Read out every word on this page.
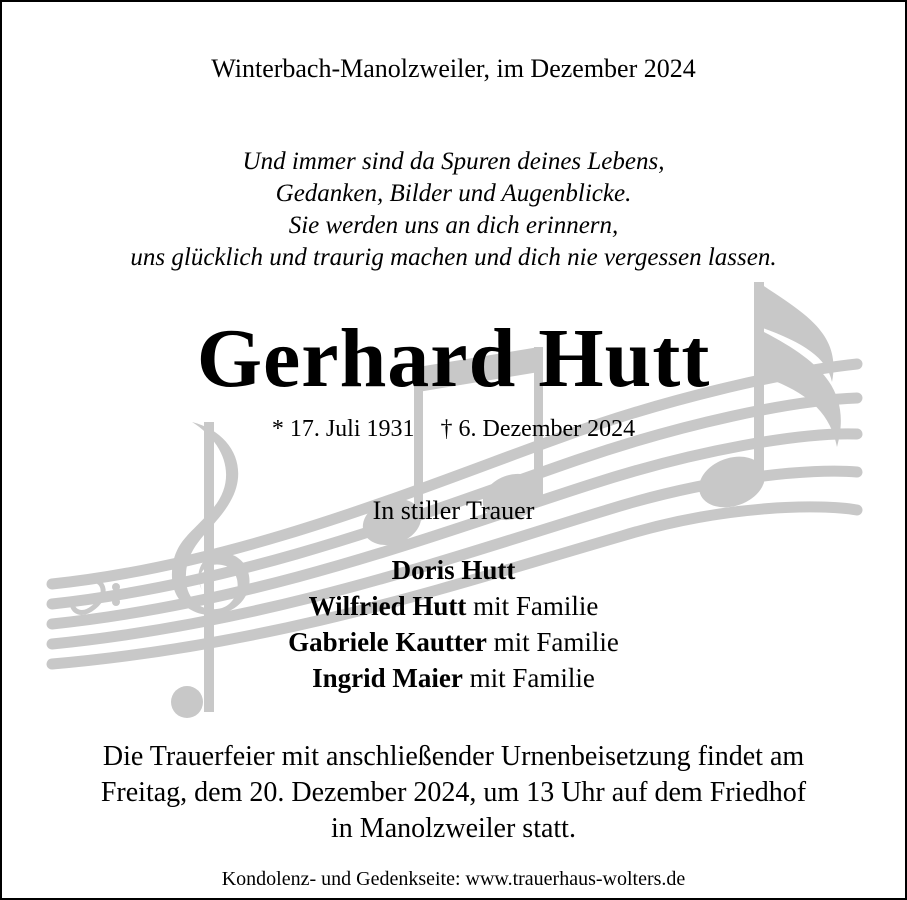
Winterbach-Manolzweiler, im Dezember 2024
Und immer sind da Spuren deines Lebens,
Gedanken, Bilder und Augenblicke.
Sie werden uns an dich erinnern,
uns glücklich und traurig machen und dich nie vergessen lassen.
Gerhard Hutt
* 17. Juli 1931 † 6. Dezember 2024
In stiller Trauer
Doris Hutt
Wilfried Hutt mit Familie
Gabriele Kautter mit Familie
Ingrid Maier mit Familie
Die Trauerfeier mit anschließender Urnenbeisetzung findet am
Freitag, dem 20. Dezember 2024, um 13 Uhr auf dem Friedhof
in Manolzweiler statt.
Kondolenz- und Gedenkseite: www.trauerhaus-wolters.de
